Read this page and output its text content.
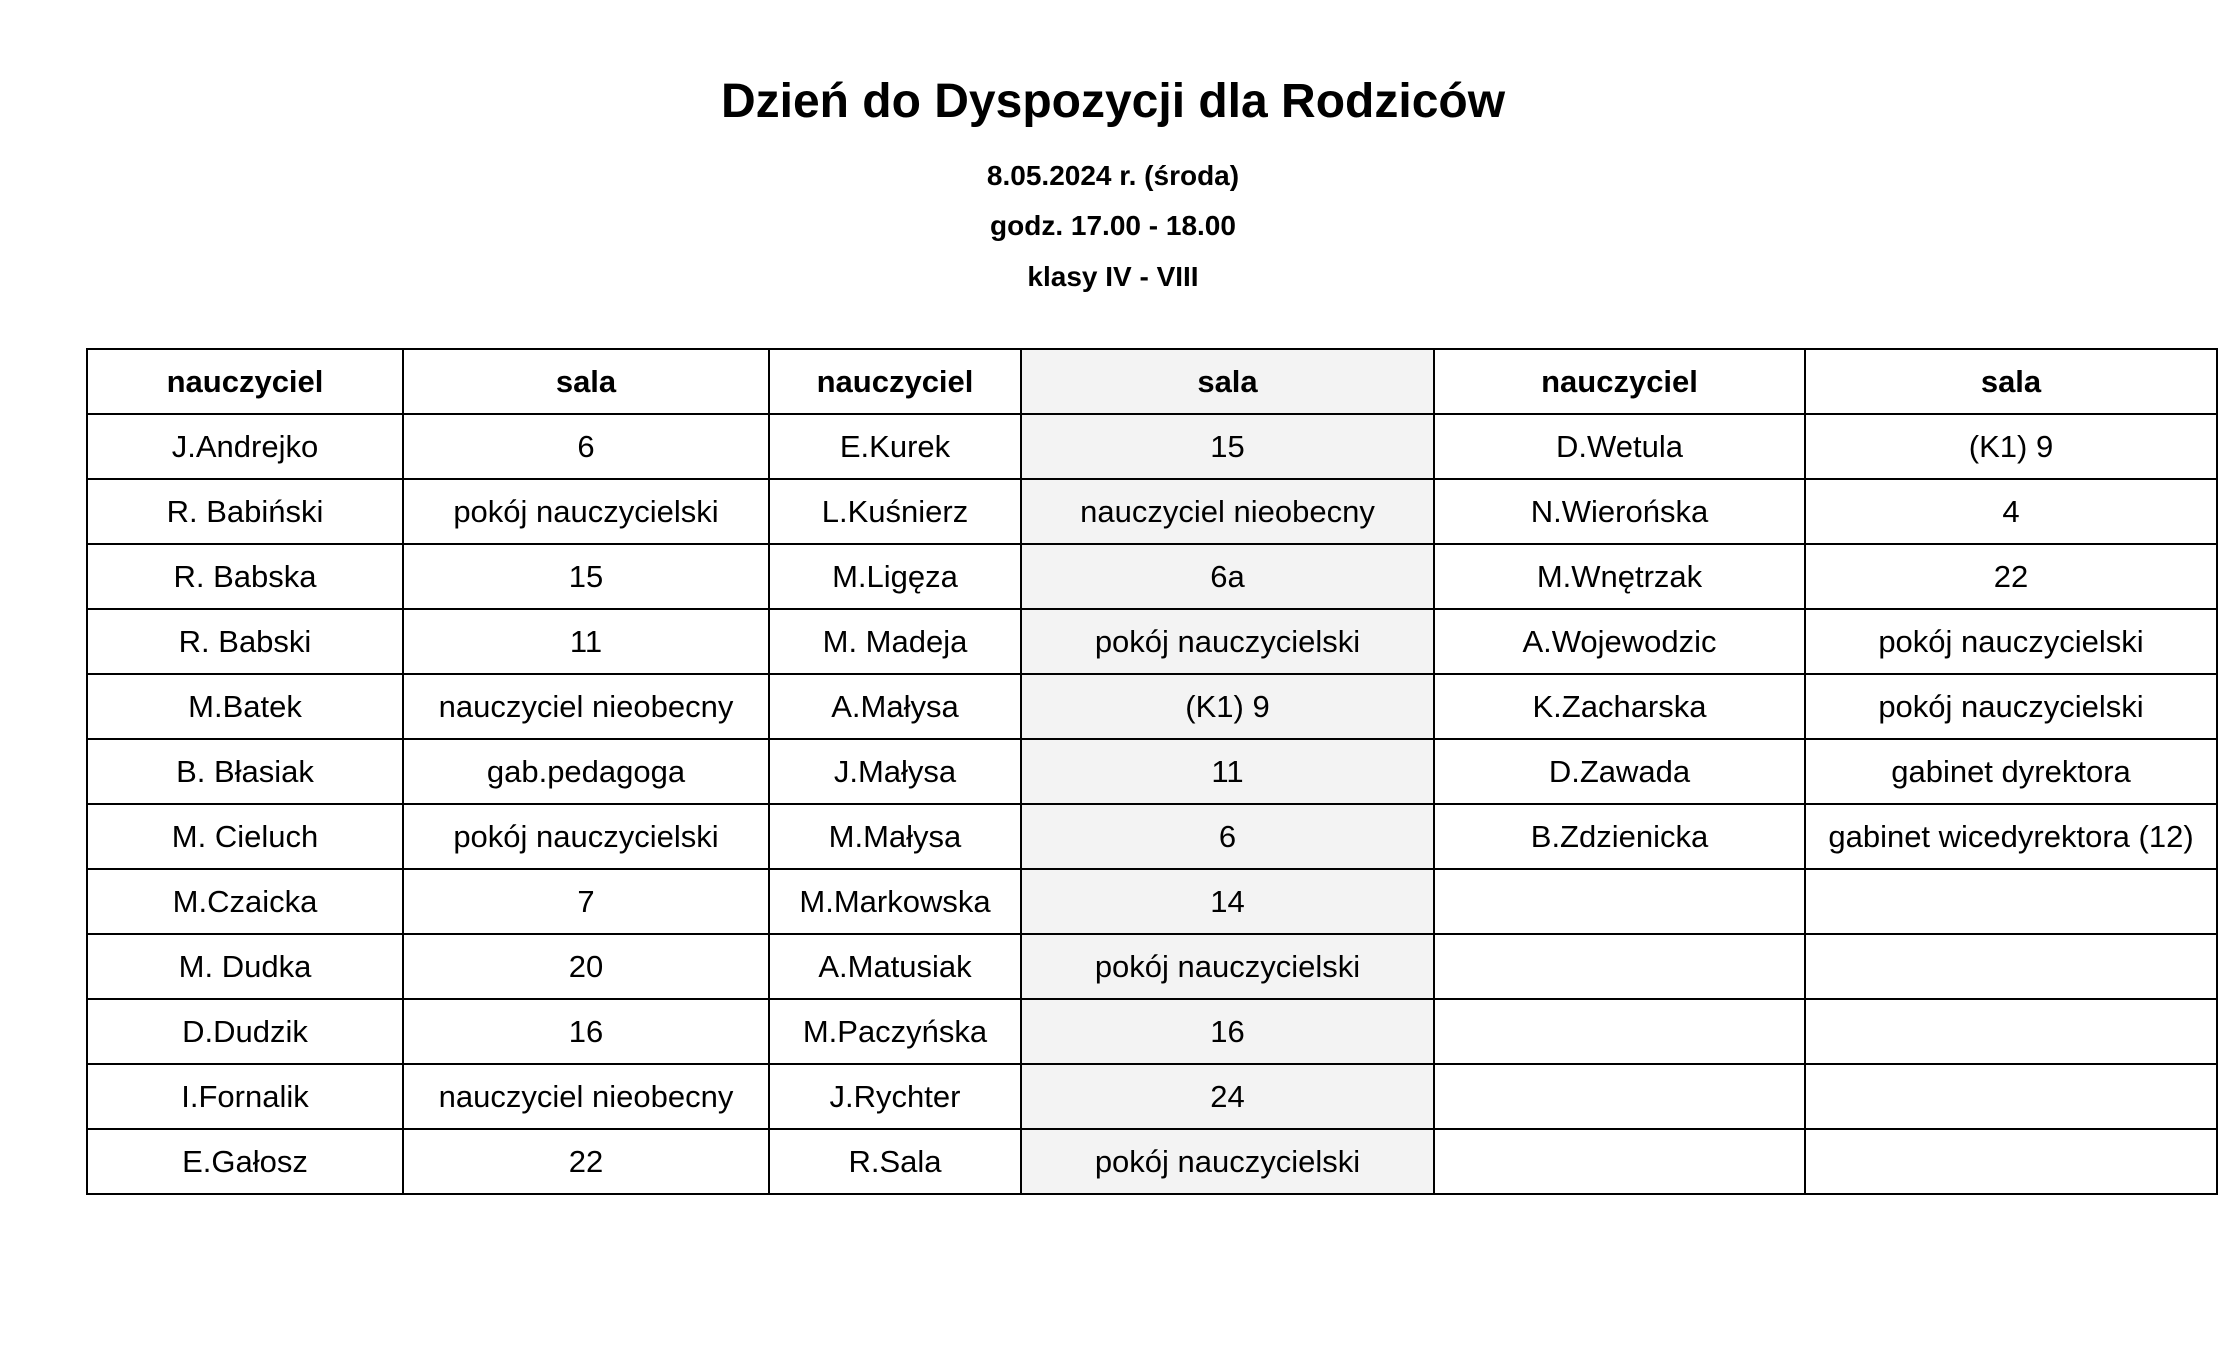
Dzień do Dyspozycji dla Rodziców
8.05.2024 r. (środa)
godz. 17.00 - 18.00
klasy IV - VIII
nauczyciel	sala	nauczyciel	sala	nauczyciel	sala
J.Andrejko	6	E.Kurek	15	D.Wetula	(K1) 9
R. Babiński	pokój nauczycielski	L.Kuśnierz	nauczyciel nieobecny	N.Wierońska	4
R. Babska	15	M.Ligęza	6a	M.Wnętrzak	22
R. Babski	11	M. Madeja	pokój nauczycielski	A.Wojewodzic	pokój nauczycielski
M.Batek	nauczyciel nieobecny	A.Małysa	(K1) 9	K.Zacharska	pokój nauczycielski
B. Błasiak	gab.pedagoga	J.Małysa	11	D.Zawada	gabinet dyrektora
M. Cieluch	pokój nauczycielski	M.Małysa	6	B.Zdzienicka	gabinet wicedyrektora (12)
M.Czaicka	7	M.Markowska	14		
M. Dudka	20	A.Matusiak	pokój nauczycielski		
D.Dudzik	16	M.Paczyńska	16		
I.Fornalik	nauczyciel nieobecny	J.Rychter	24		
E.Gałosz	22	R.Sala	pokój nauczycielski		
